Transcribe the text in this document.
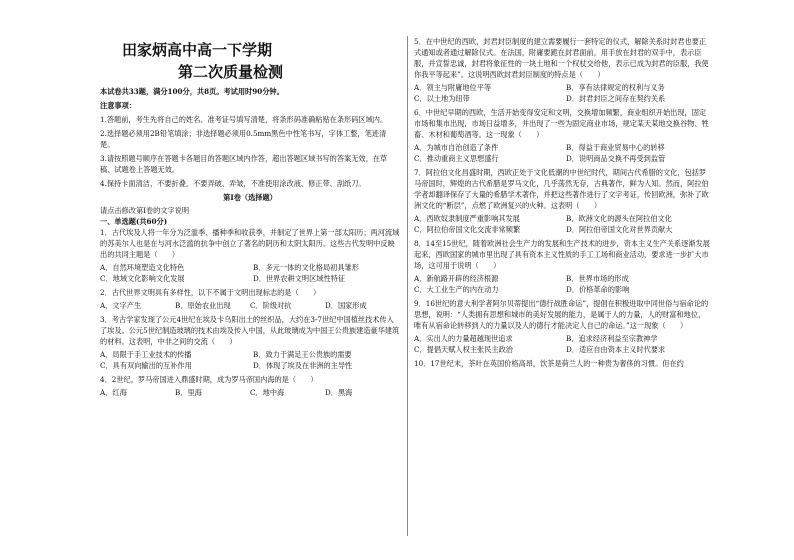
田家炳高中高一下学期
第二次质量检测

本试卷共33题，满分100分，共8页。考试用时90分钟。

注意事项：

1.答题前，考生先将自己的姓名、准考证号填写清楚，将条形码准确粘贴在条形码区域内。

2.选择题必须用2B铅笔填涂；非选择题必须用0.5mm黑色中性笔书写，字体工整，笔迹清楚。

3.请按照题号顺序在答题卡各题目的答题区域内作答，超出答题区域书写的答案无效，在草稿、试题卷上答题无效。

4.保持卡面清洁，不要折叠，不要弄破、弄皱，不准使用涂改液、修正带、刮纸刀。

第I卷（选择题）
请点击修改第I卷的文字说明
一、单选题(共60分)

1．古代埃及人将一年分为泛滥季、播种季和收获季，并制定了世界上第一部太阳历；两河流域的苏美尔人也是在与河水泛滥的抗争中创立了著名的阴历和太阴太阳历。这些古代发明中反映出的共同主题是（　　）

A．自然环境塑造文化特色	B．多元一体的文化格局初具雏形
C．地域文化影响文化发展	D．世界农耕文明区域性特征

2．古代世界文明具有多样性，以下不属于文明出现标志的是（　　）

A．文字产生	B．原始农业出现	C．阶级对抗	D．国家形成

3．考古学家发现了公元4世纪在埃及卡乌阳出土的丝织品，大约在3-7世纪中国植丝技术传入了埃及。公元5世纪制造玻璃的技术由埃及传入中国，从此玻璃成为中国王公贵族建造豪华建筑的材料。这表明，中非之间的交流（　　）

A．局限于手工业技术的传播	B．致力于满足王公贵族的需要
C．具有双向输出的互补作用	D．体现了埃及在非洲的主导性

4．2世纪，罗马帝国进入鼎盛时期，成为罗马帝国内海的是（　　）

A．红海	B．里海	C．地中海	D．黑海

5．在中世纪的西欧，封君封臣制度的建立需要履行一套特定的仪式，解除关系时封君也要正式通知或者通过解除仪式。在法国，附庸要跪在封君面前，用手放在封君的双手中，表示臣服，并宣誓忠诚，封君将象征性的一块土地和一个权杖交给他，表示已成为封君的臣服，我使你我平等起来”。这说明西欧封君封臣制度的特点是（　　）

A．领主与附庸地位平等	B．享有法律规定的权利与义务
C．以土地为纽带	D．封君封臣之间存在契约关系

6．中世纪早期的西欧，生活开始变得安定和文明，交换增加频繁，商业组织开始出现，固定市场和集市出现，市场日益增多，并出现了一些为固定商业市场，规定某天某地交换谷物、牲畜、木材和葡萄酒等。这一现象（　　）

A．为城市自治创造了条件	B．得益于商业贸易中心的转移
C．推动重商主义思想盛行	D．说明商品交换不再受到监管

7．阿拉伯文化昌盛时期，西欧正处于文化低潮的中世纪时代，期间古代希腊的文化，包括罗马帝国时，辉煌的古代希腊是罗马文化，几乎荡然无存，古典著作，鲜为人知。然而，阿拉伯学者却翻译保存了大量的希腊学术著作，并把这些著作进行了文字考证，传回欧洲，弥补了欧洲文化的“断层”，点燃了欧洲复兴的火种。这表明（　　）

A．西欧奴隶制度严重影响其发展	B．欧洲文化的源头在阿拉伯文化
C．阿拉伯帝国文化交流非常频繁	D．阿拉伯帝国文化对世界贡献大

8．14至15世纪，随着欧洲社会生产力的发展和生产技术的进步，资本主义生产关系逐渐发展起来，西欧国家的城市里出现了具有资本主义性质的手工工场和商业活动，要求进一步扩大市场，这可用于说明（　　）

A．新航路开辟的经济根源	B．世界市场的形成
C．大工业生产的内在动力	D．价格革命的影响

9．16世纪的意大利学者阿尔贝蒂提出“德行战胜命运”，提倡在积极进取中同世俗与宿命论的思想，说明：“人类拥有思想和城市的美好发展的能力，是属于人的力量，人的财富和地位，唯有从宿命论转移到人的力量以及人的德行才能决定人自己的命运。”这一现象（　　）

A．实出人的力量超越现世追求	B．追求经济利益至宗教神学
C．提倡天赋人权主张民主政治	D．适应自由资本主义时代要求

10．17世纪末，茶叶在英国价格高昂，饮茶是荷兰人的一种贵为奢侈的习惯。但在约
